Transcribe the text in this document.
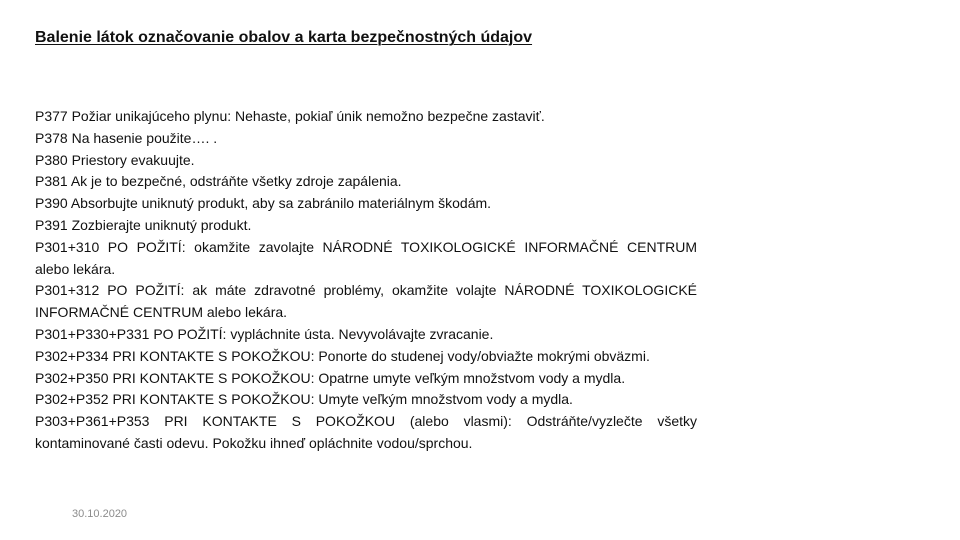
Balenie látok označovanie obalov a karta bezpečnostných údajov

P377 Požiar unikajúceho plynu: Nehaste, pokiaľ únik nemožno bezpečne zastaviť.

P378 Na hasenie použite…. .

P380 Priestory evakuujte.

P381 Ak je to bezpečné, odstráňte všetky zdroje zapálenia.

P390 Absorbujte uniknutý produkt, aby sa zabránilo materiálnym škodám.

P391 Zozbierajte uniknutý produkt.

P301+310 PO POŽITÍ: okamžite zavolajte NÁRODNÉ TOXIKOLOGICKÉ INFORMAČNÉ CENTRUM alebo lekára.

P301+312 PO POŽITÍ: ak máte zdravotné problémy, okamžite volajte NÁRODNÉ TOXIKOLOGICKÉ INFORMAČNÉ CENTRUM alebo lekára.

P301+P330+P331 PO POŽITÍ: vypláchnite ústa. Nevyvolávajte zvracanie.

P302+P334 PRI KONTAKTE S POKOŽKOU: Ponorte do studenej vody/obviažte mokrými obväzmi.

P302+P350 PRI KONTAKTE S POKOŽKOU: Opatrne umyte veľkým množstvom vody a mydla.

P302+P352 PRI KONTAKTE S POKOŽKOU: Umyte veľkým množstvom vody a mydla.

P303+P361+P353 PRI KONTAKTE S POKOŽKOU (alebo vlasmi): Odstráňte/vyzlečte všetky kontaminované časti odevu. Pokožku ihneď opláchnite vodou/sprchou.

30.10.2020
